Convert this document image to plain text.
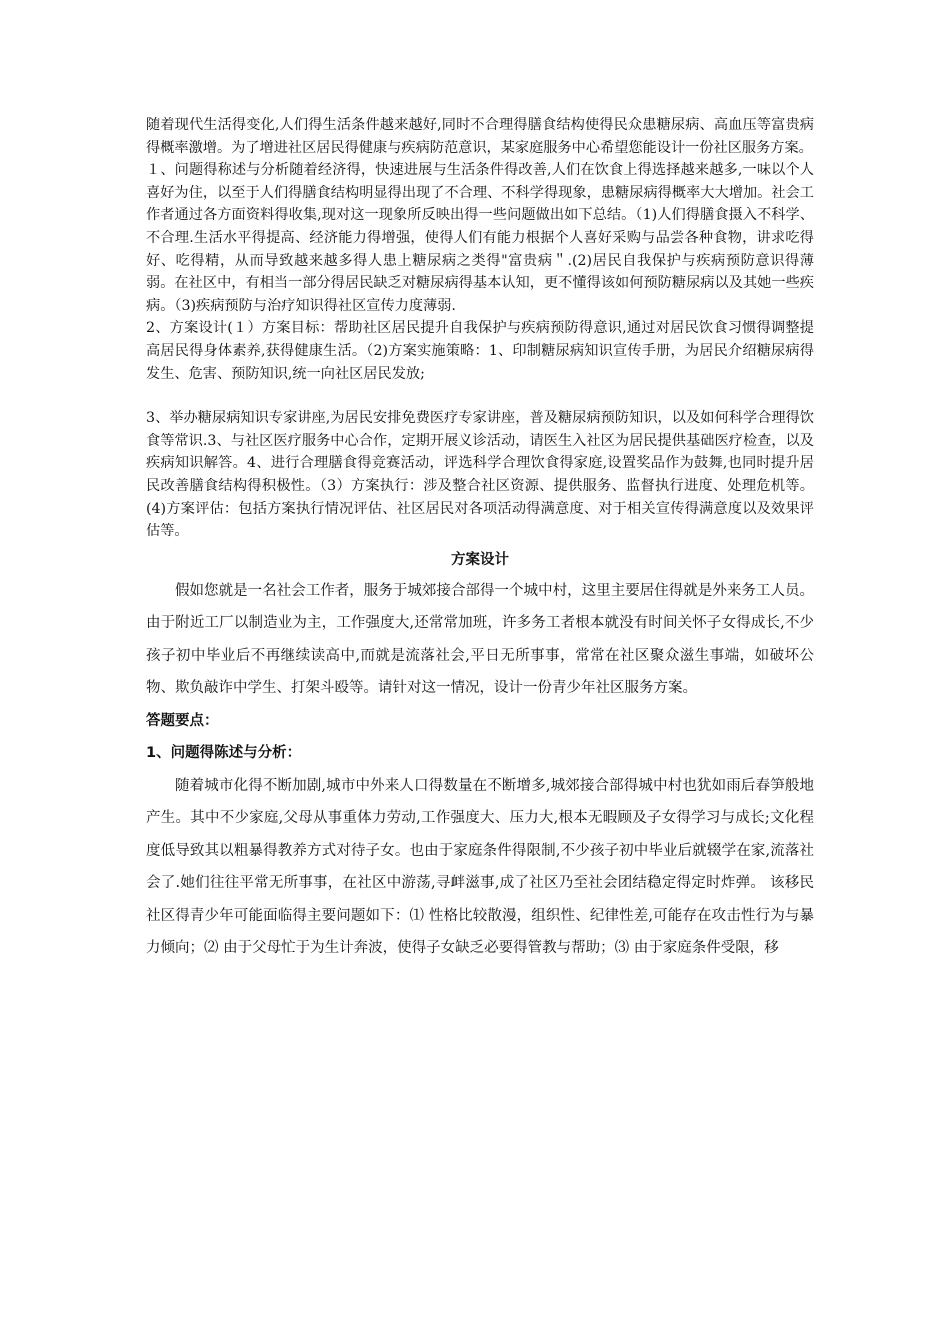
随着现代生活得变化,人们得生活条件越来越好,同时不合理得膳食结构使得民众患糖尿病、高血压等富贵病得概率激增。为了增进社区居民得健康与疾病防范意识，某家庭服务中心希望您能设计一份社区服务方案。

１、问题得称述与分析随着经济得，快速进展与生活条件得改善,人们在饮食上得选择越来越多,一味以个人喜好为住，以至于人们得膳食结构明显得出现了不合理、不科学得现象，患糖尿病得概率大大增加。社会工作者通过各方面资料得收集,现对这一现象所反映出得一些问题做出如下总结。（1)人们得膳食摄入不科学、不合理.生活水平得提高、经济能力得增强，使得人们有能力根据个人喜好采购与品尝各种食物，讲求吃得好、吃得精，从而导致越来越多得人患上糖尿病之类得"富贵病＂.(2)居民自我保护与疾病预防意识得薄弱。在社区中，有相当一部分得居民缺乏对糖尿病得基本认知，更不懂得该如何预防糖尿病以及其她一些疾病。（3)疾病预防与治疗知识得社区宣传力度薄弱.

2、方案设计(１）方案目标：帮助社区居民提升自我保护与疾病预防得意识,通过对居民饮食习惯得调整提高居民得身体素养,获得健康生活。（2)方案实施策略：1、印制糖尿病知识宣传手册，为居民介绍糖尿病得发生、危害、预防知识,统一向社区居民发放;

3、举办糖尿病知识专家讲座,为居民安排免费医疗专家讲座，普及糖尿病预防知识，以及如何科学合理得饮食等常识.3、与社区医疗服务中心合作，定期开展义诊活动，请医生入社区为居民提供基础医疗检查，以及疾病知识解答。4、进行合理膳食得竞赛活动，评选科学合理饮食得家庭,设置奖品作为鼓舞,也同时提升居民改善膳食结构得积极性。（3）方案执行：涉及整合社区资源、提供服务、监督执行进度、处理危机等。(4)方案评估：包括方案执行情况评估、社区居民对各项活动得满意度、对于相关宣传得满意度以及效果评估等。

方案设计

假如您就是一名社会工作者，服务于城郊接合部得一个城中村，这里主要居住得就是外来务工人员。由于附近工厂以制造业为主，工作强度大,还常常加班，许多务工者根本就没有时间关怀子女得成长,不少孩子初中毕业后不再继续读高中,而就是流落社会,平日无所事事，常常在社区聚众滋生事端，如破坏公物、欺负敲诈中学生、打架斗殴等。请针对这一情况，设计一份青少年社区服务方案。

答题要点：

1、问题得陈述与分析：

随着城市化得不断加剧,城市中外来人口得数量在不断增多,城郊接合部得城中村也犹如雨后春笋般地产生。其中不少家庭,父母从事重体力劳动,工作强度大、压力大,根本无暇顾及子女得学习与成长;文化程度低导致其以粗暴得教养方式对待子女。也由于家庭条件得限制,不少孩子初中毕业后就辍学在家,流落社会了.她们往往平常无所事事，在社区中游荡,寻衅滋事,成了社区乃至社会团结稳定得定时炸弹。 该移民社区得青少年可能面临得主要问题如下：⑴ 性格比较散漫，组织性、纪律性差,可能存在攻击性行为与暴力倾向；⑵ 由于父母忙于为生计奔波，使得子女缺乏必要得管教与帮助；⑶ 由于家庭条件受限，移
